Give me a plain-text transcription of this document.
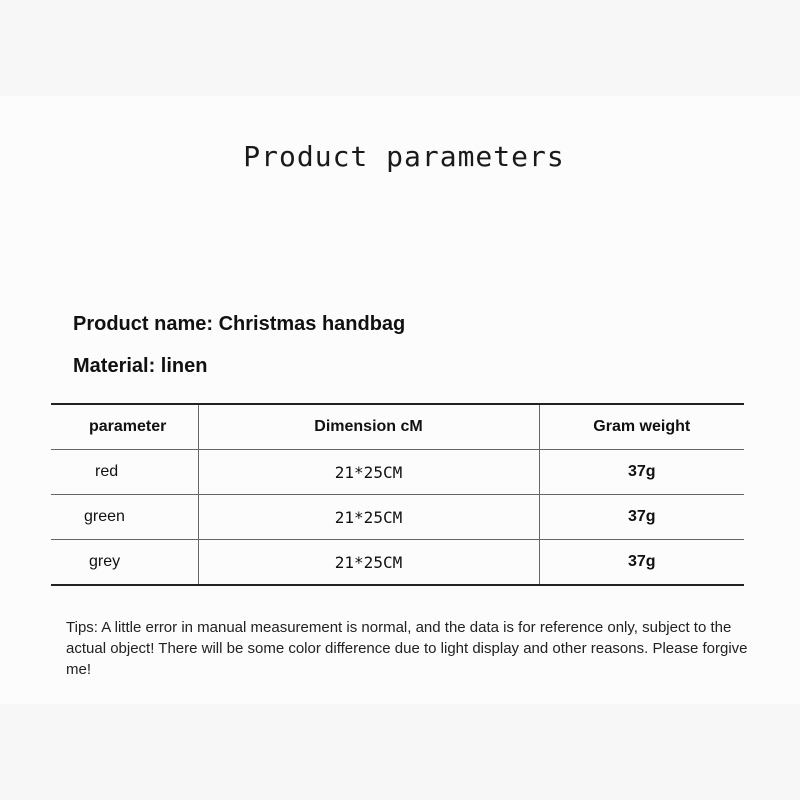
Product parameters
Product name: Christmas handbag
Material: linen
parameter	Dimension cM	Gram weight
red	21*25CM	37g
green	21*25CM	37g
grey	21*25CM	37g

Tips: A little error in manual measurement is normal, and the data is for reference only, subject to the actual object! There will be some color difference due to light display and other reasons. Please forgive me!
